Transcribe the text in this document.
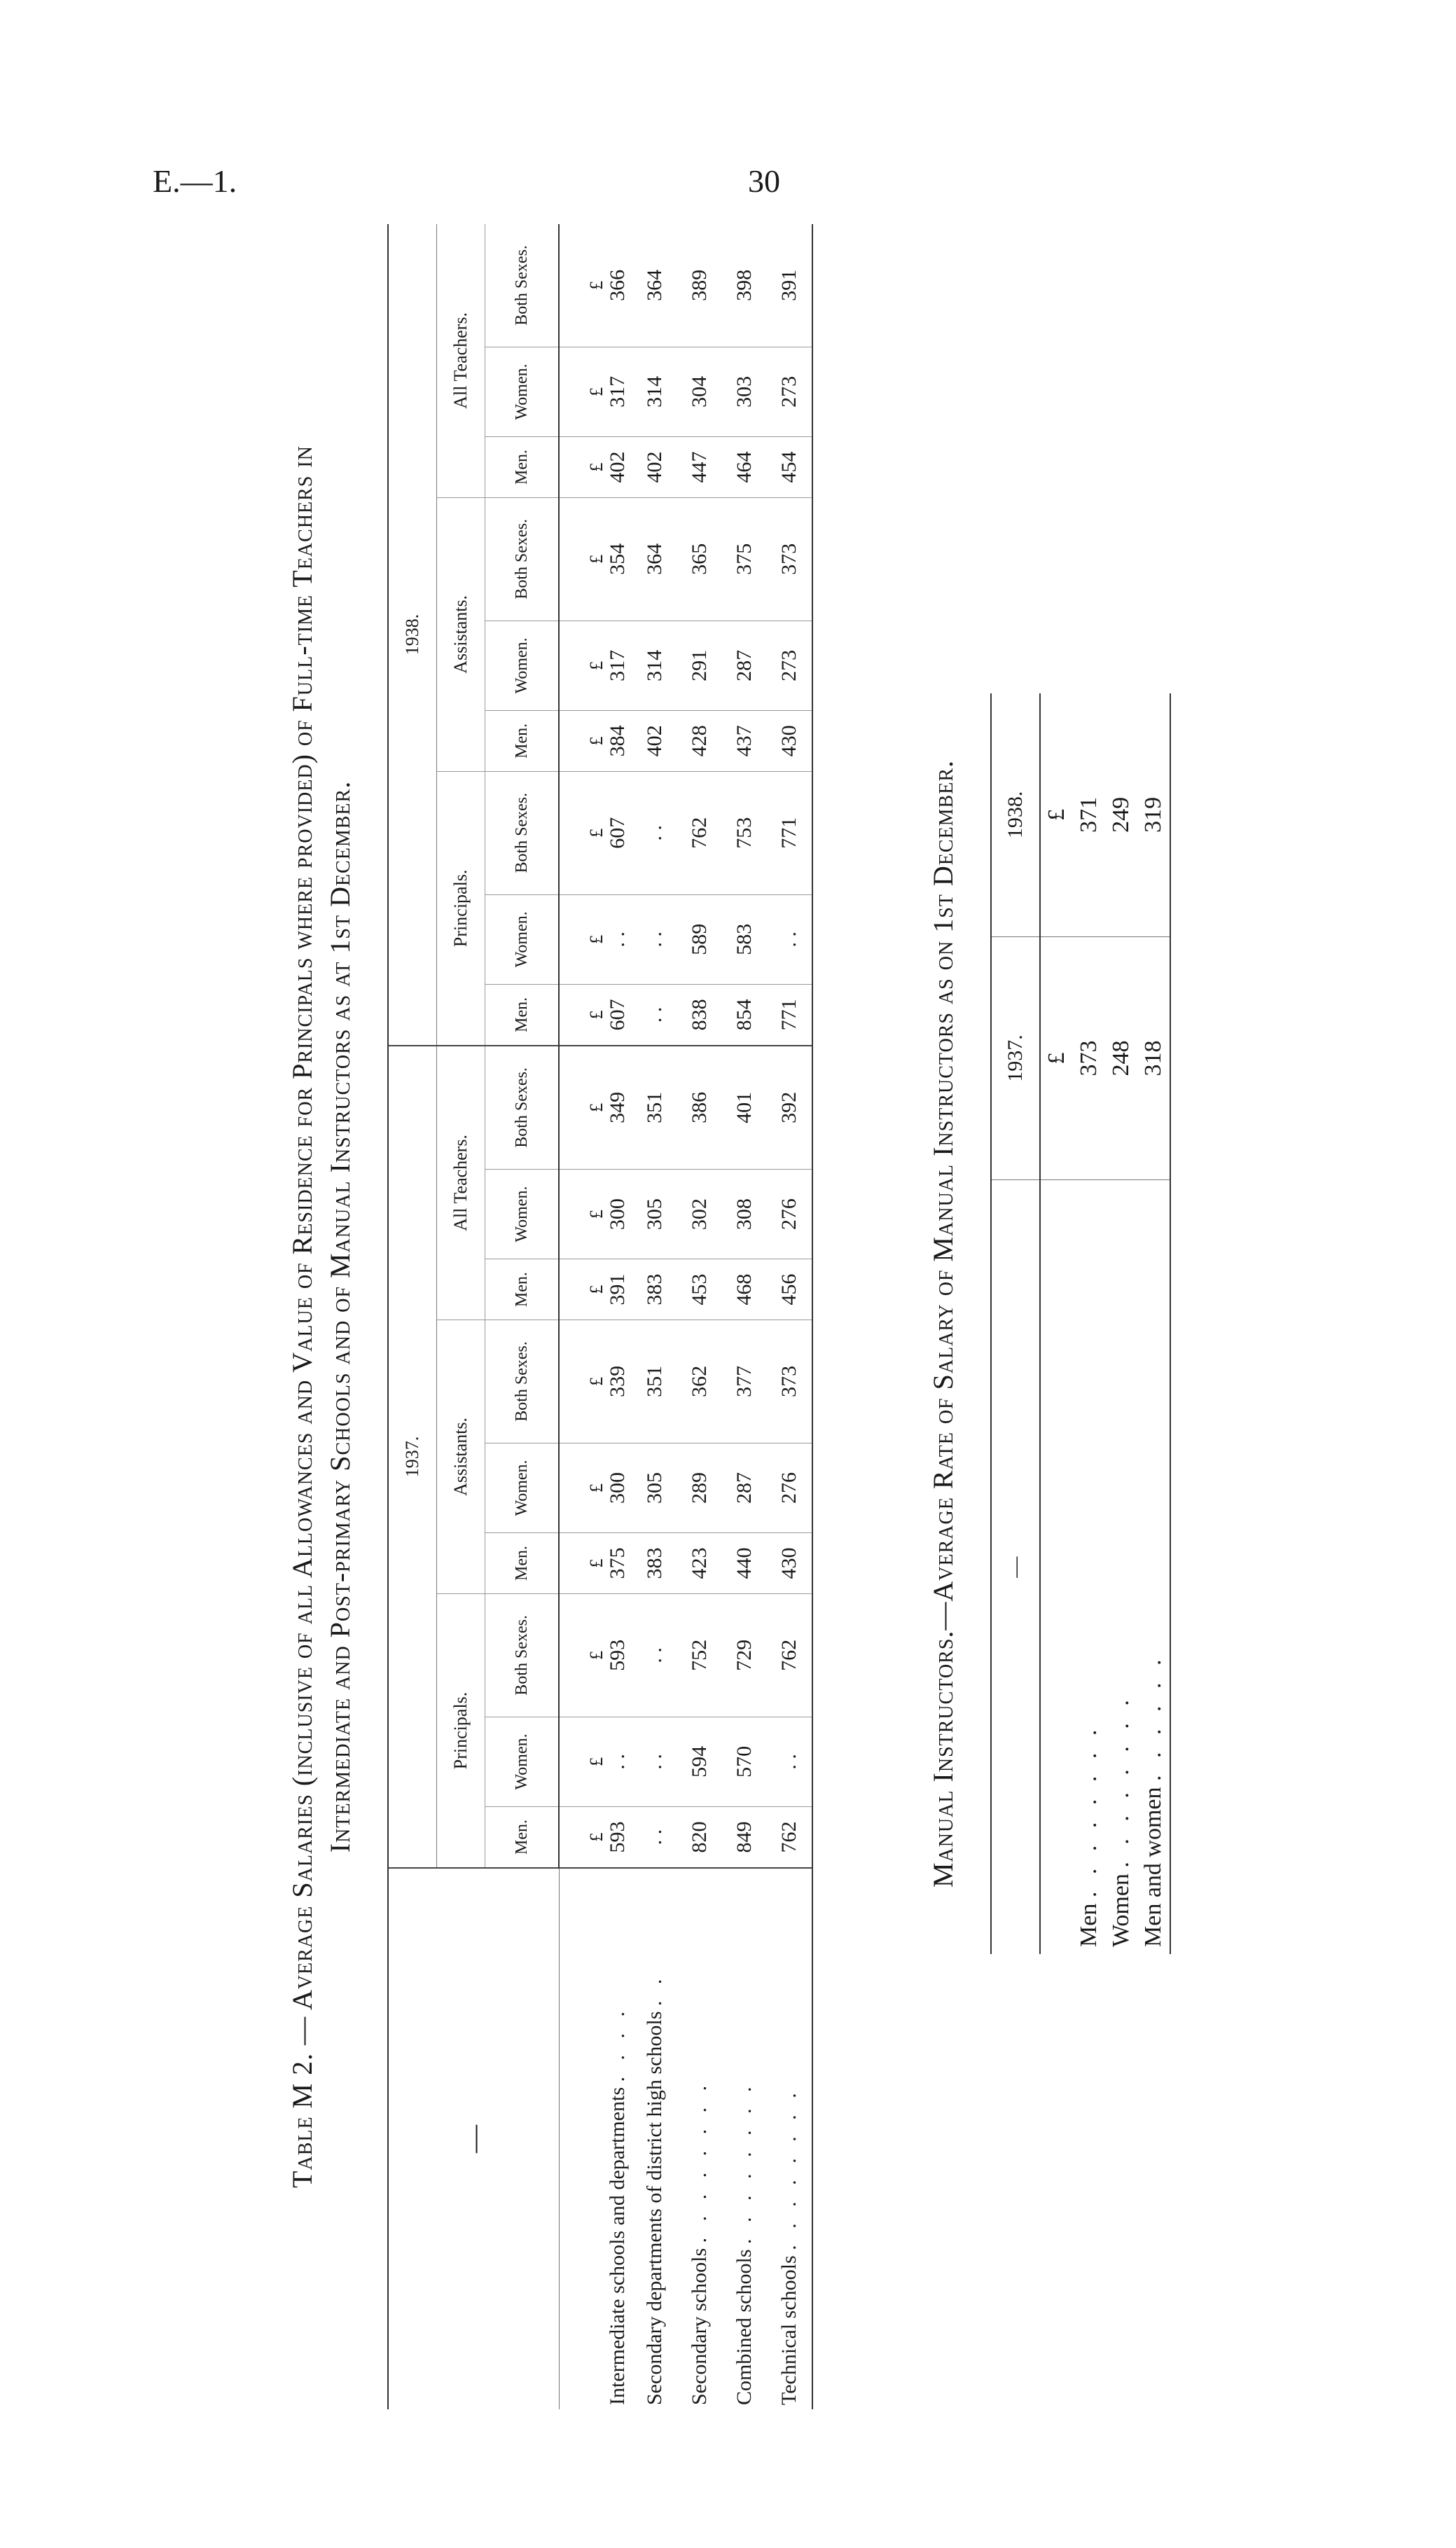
E.—1.	30
Table M 2. — Average Salaries (inclusive of all Allowances and Value of Residence for Principals where provided) of Full-time Teachers in Intermediate and Post-primary Schools and of Manual Instructors as at 1st December.
—	1937.									1938.								
	Principals.			Assistants.			All Teachers.			Principals.			Assistants.			All Teachers.		
	Men.	Women.	Both Sexes.	Men.	Women.	Both Sexes.	Men.	Women.	Both Sexes.	Men.	Women.	Both Sexes.	Men.	Women.	Both Sexes.	Men.	Women.	Both Sexes.
Intermediate schools and departments . . . .	£ 593	£ . .	£ 593	£ 375	£ 300	£ 339	£ 391	£ 300	£ 349	£ 607	£ . .	£ 607	£ 384	£ 317	£ 354	£ 402	£ 317	£ 366
Secondary departments of district high schools . .	. .	. .	. .	383	305	351	383	305	351	. .	. .	. .	402	314	364	402	314	364
Secondary schools . . . . . . . .	820	594	752	423	289	362	453	302	386	838	589	762	428	291	365	447	304	389
Combined schools . . . . . . . .	849	570	729	440	287	377	468	308	401	854	583	753	437	287	375	464	303	398
Technical schools . . . . . . . .	762	. .	762	430	276	373	456	276	392	771	. .	771	430	273	373	454	273	391
Manual Instructors.—Average Rate of Salary of Manual Instructors as on 1st December. —	1937.	1938.
	£	£
Men . . . . . . . .	373	371
Women . . . . . . . .	248	249
Men and women . . . . . .	318	319
